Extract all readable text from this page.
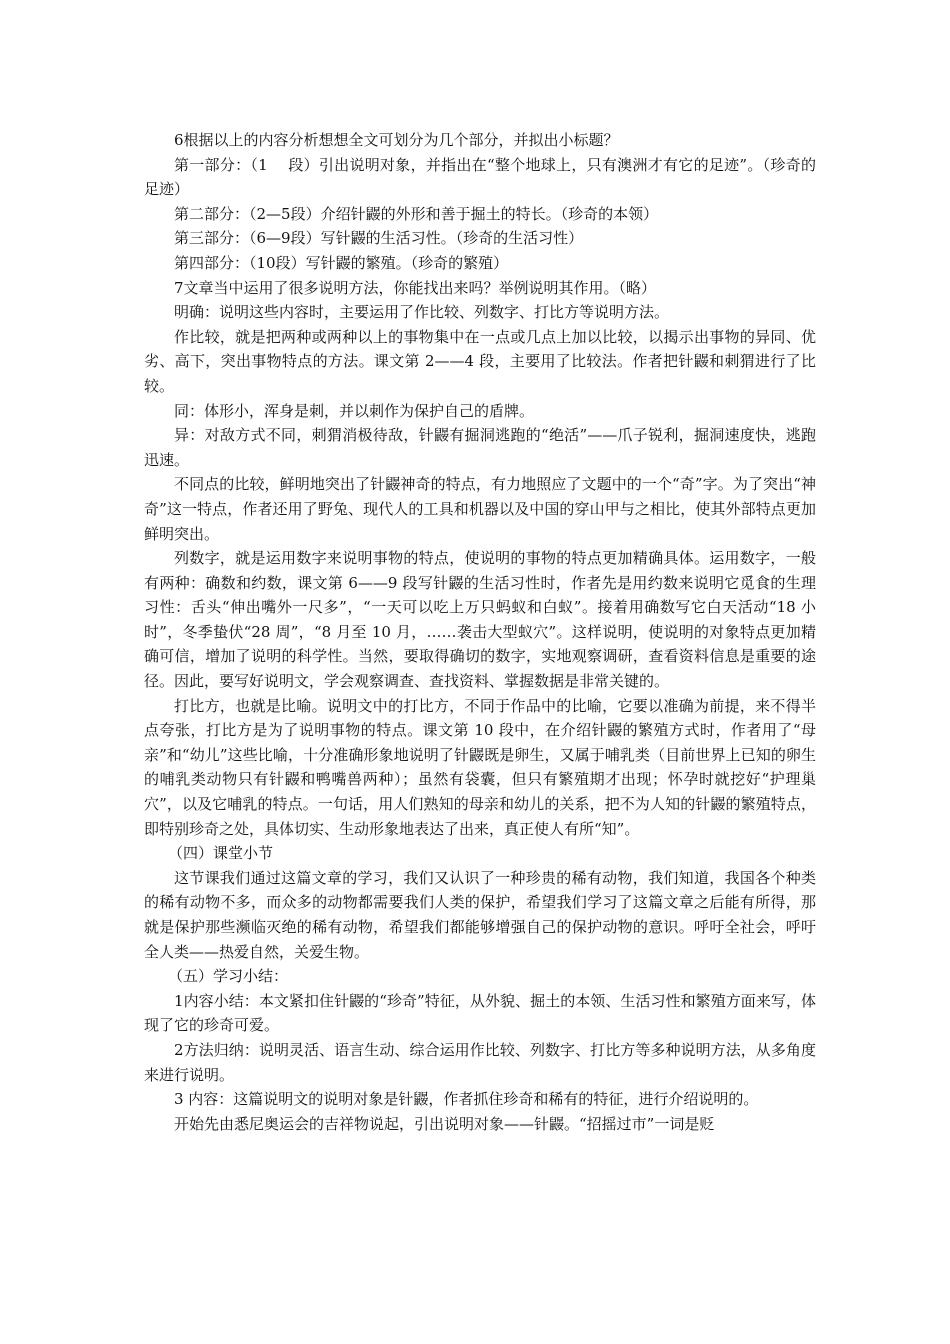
6根据以上的内容分析想想全文可划分为几个部分，并拟出小标题？

第一部分：（1　 段）引出说明对象，并指出在“整个地球上，只有澳洲才有它的足迹”。（珍奇的足迹）

第二部分：（2—5段）介绍针鼹的外形和善于掘土的特长。（珍奇的本领）

第三部分：（6—9段）写针鼹的生活习性。（珍奇的生活习性）

第四部分：（10段）写针鼹的繁殖。（珍奇的繁殖）

7文章当中运用了很多说明方法，你能找出来吗？举例说明其作用。（略）

明确：说明这些内容时，主要运用了作比较、列数字、打比方等说明方法。

作比较，就是把两种或两种以上的事物集中在一点或几点上加以比较，以揭示出事物的异同、优劣、高下，突出事物特点的方法。课文第 2——4 段，主要用了比较法。作者把针鼹和刺猬进行了比较。

同：体形小，浑身是刺，并以刺作为保护自己的盾牌。

异：对敌方式不同，刺猬消极待敌，针鼹有掘洞逃跑的“绝活”——爪子锐利，掘洞速度快，逃跑迅速。

不同点的比较，鲜明地突出了针鼹神奇的特点，有力地照应了文题中的一个“奇”字。为了突出“神奇”这一特点，作者还用了野兔、现代人的工具和机器以及中国的穿山甲与之相比，使其外部特点更加鲜明突出。

列数字，就是运用数字来说明事物的特点，使说明的事物的特点更加精确具体。运用数字，一般有两种：确数和约数，课文第 6——9 段写针鼹的生活习性时，作者先是用约数来说明它觅食的生理习性：舌头“伸出嘴外一尺多”，“一天可以吃上万只蚂蚁和白蚁”。接着用确数写它白天活动“18 小时”，冬季蛰伏“28 周”，“8 月至 10 月，……袭击大型蚁穴”。这样说明，使说明的对象特点更加精确可信，增加了说明的科学性。当然，要取得确切的数字，实地观察调研，查看资料信息是重要的途径。因此，要写好说明文，学会观察调查、查找资料、掌握数据是非常关键的。

打比方，也就是比喻。说明文中的打比方，不同于作品中的比喻，它要以准确为前提，来不得半点夸张，打比方是为了说明事物的特点。课文第 10 段中，在介绍针鼹的繁殖方式时，作者用了“母亲”和“幼儿”这些比喻，十分准确形象地说明了针鼹既是卵生，又属于哺乳类（目前世界上已知的卵生的哺乳类动物只有针鼹和鸭嘴兽两种）；虽然有袋囊，但只有繁殖期才出现；怀孕时就挖好“护理巢穴”，以及它哺乳的特点。一句话，用人们熟知的母亲和幼儿的关系，把不为人知的针鼹的繁殖特点，即特别珍奇之处，具体切实、生动形象地表达了出来，真正使人有所“知”。

（四）课堂小节

这节课我们通过这篇文章的学习，我们又认识了一种珍贵的稀有动物，我们知道，我国各个种类的稀有动物不多，而众多的动物都需要我们人类的保护，希望我们学习了这篇文章之后能有所得，那就是保护那些濒临灭绝的稀有动物，希望我们都能够增强自己的保护动物的意识。呼吁全社会，呼吁全人类——热爱自然，关爱生物。

（五）学习小结：

1内容小结：本文紧扣住针鼹的“珍奇”特征，从外貌、掘土的本领、生活习性和繁殖方面来写，体现了它的珍奇可爱。

2方法归纳：说明灵活、语言生动、综合运用作比较、列数字、打比方等多种说明方法，从多角度来进行说明。

3 内容：这篇说明文的说明对象是针鼹，作者抓住珍奇和稀有的特征，进行介绍说明的。

开始先由悉尼奥运会的吉祥物说起，引出说明对象——针鼹。“招摇过市”一词是贬
